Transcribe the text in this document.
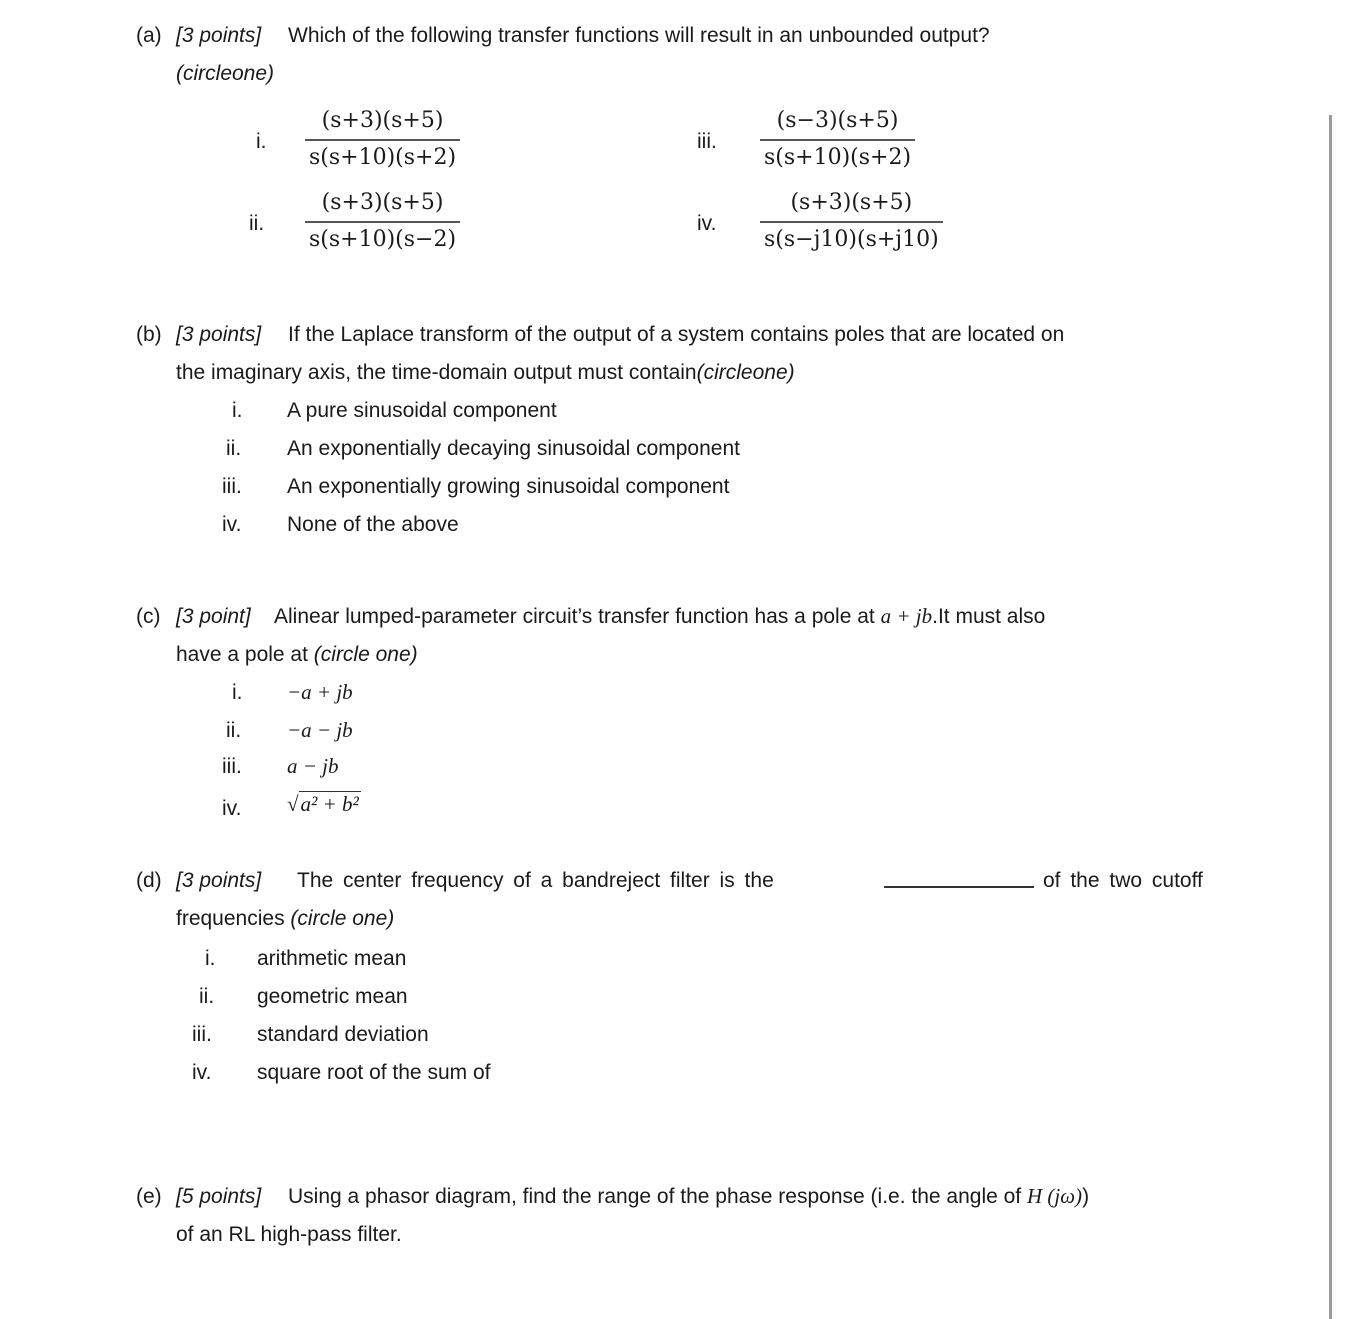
(a) [3 points] Which of the following transfer functions will result in an unbounded output?
(circleone)
i.
(s+3)(s+5)
s(s+10)(s+2)
ii.
(s+3)(s+5)
s(s+10)(s−2)
iii.
(s−3)(s+5)
s(s+10)(s+2)
iv.
(s+3)(s+5)
s(s−j10)(s+j10)
(b) [3 points] If the Laplace transform of the output of a system contains poles that are located on
the imaginary axis, the time-domain output must contain(circleone)
i. A pure sinusoidal component
ii. An exponentially decaying sinusoidal component
iii. An exponentially growing sinusoidal component
iv. None of the above
(c) [3 point] Alinear lumped-parameter circuit’s transfer function has a pole at a + jb.It must also
have a pole at (circle one)
i. −a + jb
ii. −a − jb
iii. a − jb
iv. √a² + b²
(d) [3 points] The center frequency of a bandreject filter is the	of the two cutoff
frequencies (circle one)
i. arithmetic mean
ii. geometric mean
iii. standard deviation
iv. square root of the sum of
(e) [5 points] Using a phasor diagram, find the range of the phase response (i.e. the angle of H (jω))
of an RL high-pass filter.
